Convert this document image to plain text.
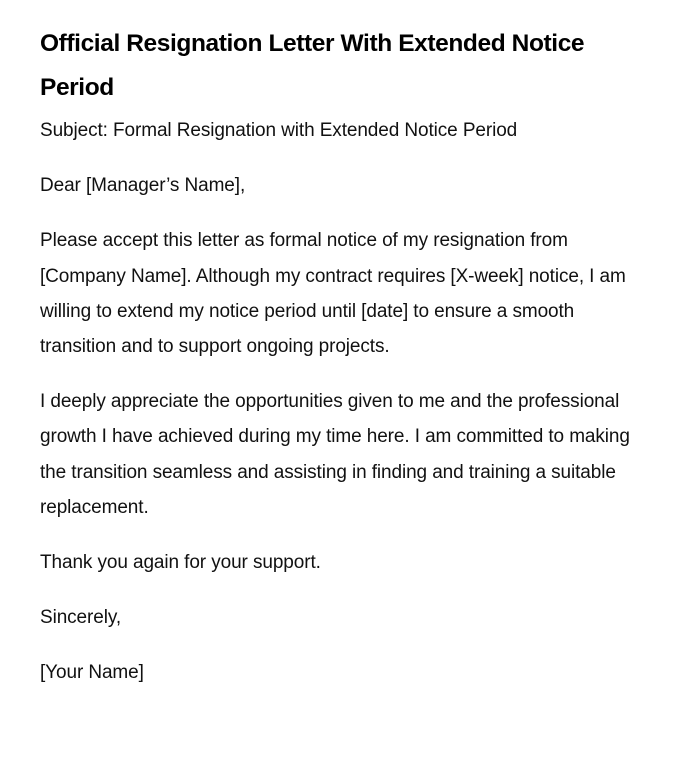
Official Resignation Letter With Extended Notice Period

Subject: Formal Resignation with Extended Notice Period

Dear [Manager’s Name],

Please accept this letter as formal notice of my resignation from [Company Name]. Although my contract requires [X-week] notice, I am willing to extend my notice period until [date] to ensure a smooth transition and to support ongoing projects.

I deeply appreciate the opportunities given to me and the professional growth I have achieved during my time here. I am committed to making the transition seamless and assisting in finding and training a suitable replacement.

Thank you again for your support.

Sincerely,

[Your Name]
